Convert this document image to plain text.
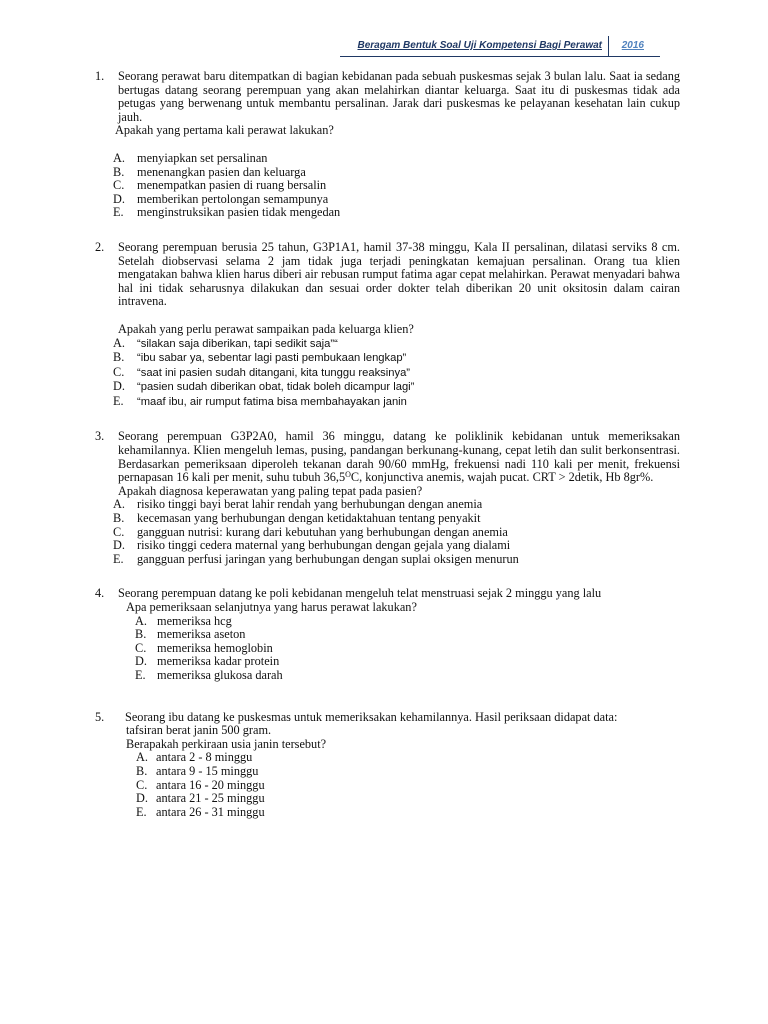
Beragam Bentuk Soal Uji Kompetensi Bagi Perawat 2016
1. Seorang perawat baru ditempatkan di bagian kebidanan pada sebuah puskesmas sejak 3 bulan lalu. Saat ia sedang bertugas datang seorang perempuan yang akan melahirkan diantar keluarga. Saat itu di puskesmas tidak ada petugas yang berwenang untuk membantu persalinan. Jarak dari puskesmas ke pelayanan kesehatan lain cukup jauh.
Apakah yang pertama kali perawat lakukan?
A. menyiapkan set persalinan
B. menenangkan pasien dan keluarga
C. menempatkan pasien di ruang bersalin
D. memberikan pertolongan semampunya
E. menginstruksikan pasien tidak mengedan
2. Seorang perempuan berusia 25 tahun, G3P1A1, hamil 37-38 minggu, Kala II persalinan, dilatasi serviks 8 cm. Setelah diobservasi selama 2 jam tidak juga terjadi peningkatan kemajuan persalinan. Orang tua klien mengatakan bahwa klien harus diberi air rebusan rumput fatima agar cepat melahirkan. Perawat menyadari bahwa hal ini tidak seharusnya dilakukan dan sesuai order dokter telah diberikan 20 unit oksitosin dalam cairan intravena.
Apakah yang perlu perawat sampaikan pada keluarga klien?
A. “silakan saja diberikan, tapi sedikit saja”“
B. “ibu sabar ya, sebentar lagi pasti pembukaan lengkap”
C. “saat ini pasien sudah ditangani, kita tunggu reaksinya”
D. “pasien sudah diberikan obat, tidak boleh dicampur lagi”
E. “maaf ibu, air rumput fatima bisa membahayakan janin
3. Seorang perempuan G3P2A0, hamil 36 minggu, datang ke poliklinik kebidanan untuk memeriksakan kehamilannya. Klien mengeluh lemas, pusing, pandangan berkunang-kunang, cepat letih dan sulit berkonsentrasi. Berdasarkan pemeriksaan diperoleh tekanan darah 90/60 mmHg, frekuensi nadi 110 kali per menit, frekuensi pernapasan 16 kali per menit, suhu tubuh $36,5^OC$, konjunctiva anemis, wajah pucat. CRT > 2detik, Hb 8gr%.
Apakah diagnosa keperawatan yang paling tepat pada pasien?
A. risiko tinggi bayi berat lahir rendah yang berhubungan dengan anemia
B. kecemasan yang berhubungan dengan ketidaktahuan tentang penyakit
C. gangguan nutrisi: kurang dari kebutuhan yang berhubungan dengan anemia
D. risiko tinggi cedera maternal yang berhubungan dengan gejala yang dialami
E. gangguan perfusi jaringan yang berhubungan dengan suplai oksigen menurun
4. Seorang perempuan datang ke poli kebidanan mengeluh telat menstruasi sejak 2 minggu yang lalu
Apa pemeriksaan selanjutnya yang harus perawat lakukan?
A. memeriksa hcg
B. memeriksa aseton
C. memeriksa hemoglobin
D. memeriksa kadar protein
E. memeriksa glukosa darah
5. Seorang ibu datang ke puskesmas untuk memeriksakan kehamilannya. Hasil periksaan didapat data:
tafsiran berat janin 500 gram.
Berapakah perkiraan usia janin tersebut?
A. antara 2 - 8 minggu
B. antara 9 - 15 minggu
C. antara 16 - 20 minggu
D. antara 21 - 25 minggu
E. antara 26 - 31 minggu
